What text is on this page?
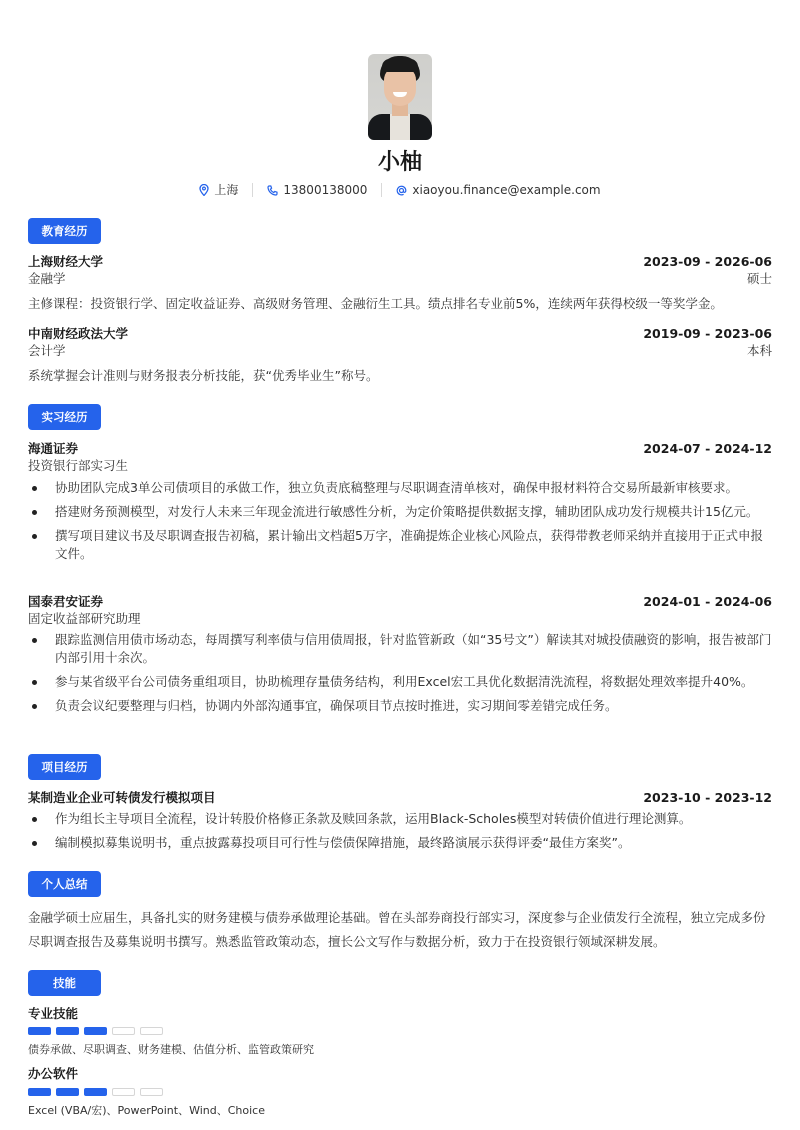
小柚
上海	13800138000	xiaoyou.finance@example.com
教育经历
上海财经大学	2023-09 - 2026-06
金融学	硕士
主修课程：投资银行学、固定收益证券、高级财务管理、金融衍生工具。绩点排名专业前5%，连续两年获得校级一等奖学金。
中南财经政法大学	2019-09 - 2023-06
会计学	本科
系统掌握会计准则与财务报表分析技能，获“优秀毕业生”称号。
实习经历
海通证券	2024-07 - 2024-12
投资银行部实习生
协助团队完成3单公司债项目的承做工作，独立负责底稿整理与尽职调查清单核对，确保申报材料符合交易所最新审核要求。
搭建财务预测模型，对发行人未来三年现金流进行敏感性分析，为定价策略提供数据支撑，辅助团队成功发行规模共计15亿元。
撰写项目建议书及尽职调查报告初稿，累计输出文档超5万字，准确提炼企业核心风险点，获得带教老师采纳并直接用于正式申报文件。
国泰君安证券	2024-01 - 2024-06
固定收益部研究助理
跟踪监测信用债市场动态，每周撰写利率债与信用债周报，针对监管新政（如“35号文”）解读其对城投债融资的影响，报告被部门内部引用十余次。
参与某省级平台公司债务重组项目，协助梳理存量债务结构，利用Excel宏工具优化数据清洗流程，将数据处理效率提升40%。
负责会议纪要整理与归档，协调内外部沟通事宜，确保项目节点按时推进，实习期间零差错完成任务。
项目经历
某制造业企业可转债发行模拟项目	2023-10 - 2023-12
作为组长主导项目全流程，设计转股价格修正条款及赎回条款，运用Black-Scholes模型对转债价值进行理论测算。
编制模拟募集说明书，重点披露募投项目可行性与偿债保障措施，最终路演展示获得评委“最佳方案奖”。
个人总结
金融学硕士应届生，具备扎实的财务建模与债券承做理论基础。曾在头部券商投行部实习，深度参与企业债发行全流程，独立完成多份尽职调查报告及募集说明书撰写。熟悉监管政策动态，擅长公文写作与数据分析，致力于在投资银行领域深耕发展。
技能
专业技能
债券承做、尽职调查、财务建模、估值分析、监管政策研究
办公软件
Excel (VBA/宏)、PowerPoint、Wind、Choice
